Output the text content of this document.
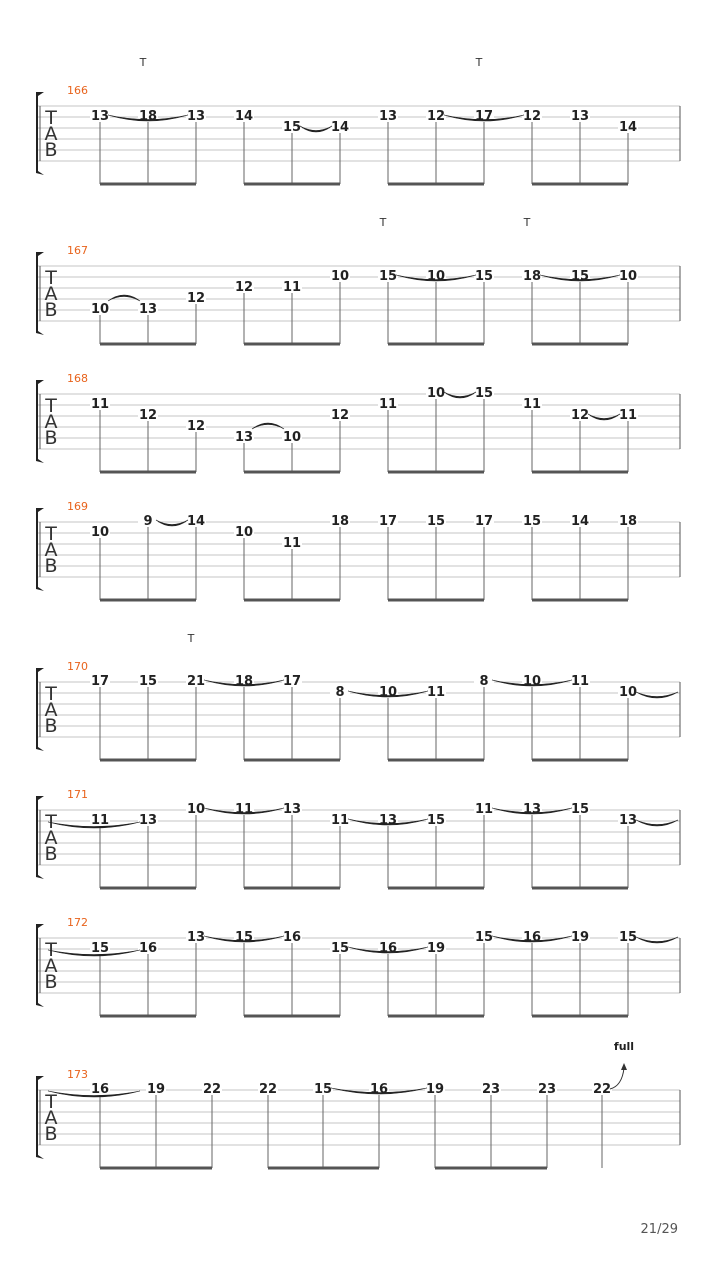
T
A
B
166
13 18
T
13 14
15 14
13 12 17
T
12 13
14
T
A
B
167
10 13
12
12 11
10 15
T
10 15 18
T
15 10
T
A
B
168
11
12
12
13 10
12
11
10 15
11
12 11
T
A
B
169
10
9	14
10
11
18 17 15 17 15 14 18
T
A
B
170
17 15 21
T
18 17
8	10 11
8	10 11
10
T
A
B
171
11 13
10 11 13
11 13 15
11 13 15
13
T
A
B
172
15 16
13 15 16
15 16 19
15 16 19 15
T
A
B
173
16	19	22	22	15	16	19	23	23	22
full
21/29
